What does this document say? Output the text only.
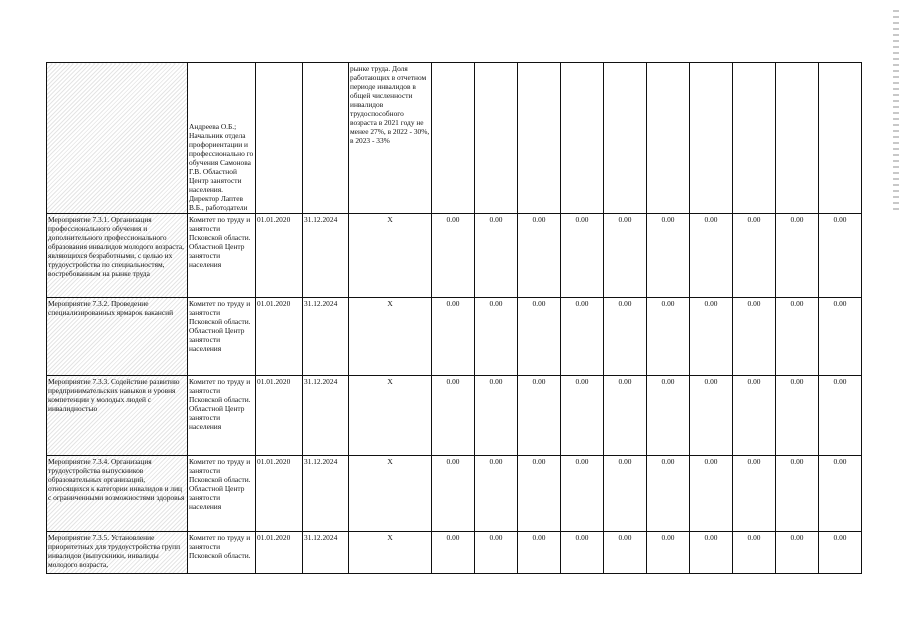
	Андреева О.Б.; Начальник отдела профориентации и профессионально го обучения Самонова Г.В. Областной Центр занятости населения. Директор Лаптев В.Б., работодатели			рынке труда. Доля работающих в отчетном периоде инвалидов в общей численности инвалидов трудоспособного возраста в 2021 году не менее 27%, в 2022 - 30%, в 2023 - 33%										
Мероприятие 7.3.1. Организация профессионального обучения и дополнительного профессионального образования инвалидов молодого возраста, являющихся безработными, с целью их трудоустройства по специальностям, востребованным на рынке труда	Комитет по труду и занятости Псковской области. Областной Центр занятости населения	01.01.2020	31.12.2024	X	0.00	0.00	0.00	0.00	0.00	0.00	0.00	0.00	0.00	0.00
Мероприятие 7.3.2. Проведение специализированных ярмарок вакансий	Комитет по труду и занятости Псковской области. Областной Центр занятости населения	01.01.2020	31.12.2024	X	0.00	0.00	0.00	0.00	0.00	0.00	0.00	0.00	0.00	0.00
Мероприятие 7.3.3. Содействие развитию предпринимательских навыков и уровня компетенции у молодых людей с инвалидностью	Комитет по труду и занятости Псковской области. Областной Центр занятости населения	01.01.2020	31.12.2024	X	0.00	0.00	0.00	0.00	0.00	0.00	0.00	0.00	0.00	0.00
Мероприятие 7.3.4. Организация трудоустройства выпускников образовательных организаций, относящихся к категории инвалидов и лиц с ограниченными возможностями здоровья	Комитет по труду и занятости Псковской области. Областной Центр занятости населения	01.01.2020	31.12.2024	X	0.00	0.00	0.00	0.00	0.00	0.00	0.00	0.00	0.00	0.00
Мероприятие 7.3.5. Установление приоритетных для трудоустройства групп инвалидов (выпускники, инвалиды молодого возраста,	Комитет по труду и занятости Псковской области.	01.01.2020	31.12.2024	X	0.00	0.00	0.00	0.00	0.00	0.00	0.00	0.00	0.00	0.00
